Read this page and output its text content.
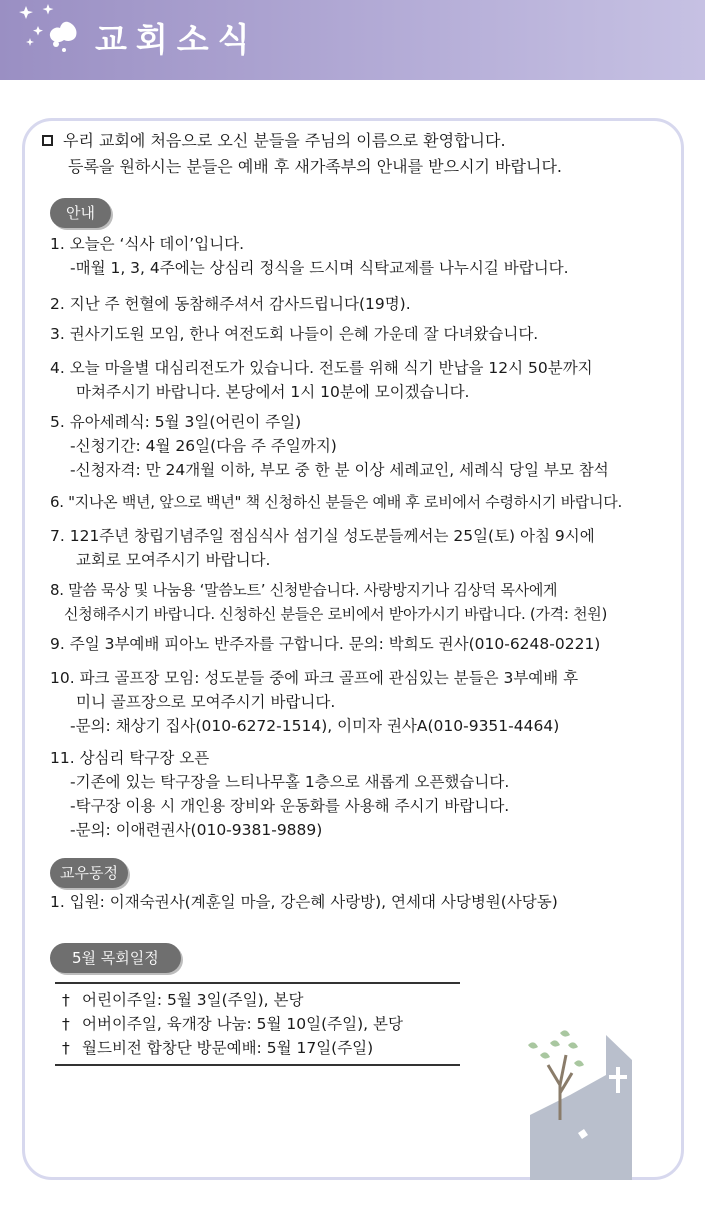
교회소식
우리 교회에 처음으로 오신 분들을 주님의 이름으로 환영합니다.
등록을 원하시는 분들은 예배 후 새가족부의 안내를 받으시기 바랍니다.
안내
1. 오늘은 ‘식사 데이’입니다.
-매월 1, 3, 4주에는 상심리 정식을 드시며 식탁교제를 나누시길 바랍니다.
2. 지난 주 헌혈에 동참해주셔서 감사드립니다(19명).
3. 권사기도원 모임, 한나 여전도회 나들이 은혜 가운데 잘 다녀왔습니다.
4. 오늘 마을별 대심리전도가 있습니다. 전도를 위해 식기 반납을 12시 50분까지
마쳐주시기 바랍니다. 본당에서 1시 10분에 모이겠습니다.
5. 유아세례식: 5월 3일(어린이 주일)
-신청기간: 4월 26일(다음 주 주일까지)
-신청자격: 만 24개월 이하, 부모 중 한 분 이상 세례교인, 세례식 당일 부모 참석
6. "지나온 백년, 앞으로 백년" 책 신청하신 분들은 예배 후 로비에서 수령하시기 바랍니다.
7. 121주년 창립기념주일 점심식사 섬기실 성도분들께서는 25일(토) 아침 9시에
교회로 모여주시기 바랍니다.
8. 말씀 묵상 및 나눔용 ‘말씀노트’ 신청받습니다. 사랑방지기나 김상덕 목사에게
신청해주시기 바랍니다. 신청하신 분들은 로비에서 받아가시기 바랍니다. (가격: 천원)
9. 주일 3부예배 피아노 반주자를 구합니다. 문의: 박희도 권사(010-6248-0221)
10. 파크 골프장 모임: 성도분들 중에 파크 골프에 관심있는 분들은 3부예배 후
미니 골프장으로 모여주시기 바랍니다.
-문의: 채상기 집사(010-6272-1514), 이미자 권사A(010-9351-4464)
11. 상심리 탁구장 오픈
-기존에 있는 탁구장을 느티나무홀 1층으로 새롭게 오픈했습니다.
-탁구장 이용 시 개인용 장비와 운동화를 사용해 주시기 바랍니다.
-문의: 이애련권사(010-9381-9889)
교우동정
1. 입원: 이재숙권사(계훈일 마을, 강은혜 사랑방), 연세대 사당병원(사당동)
5월 목회일정
† 어린이주일: 5월 3일(주일), 본당
† 어버이주일, 육개장 나눔: 5월 10일(주일), 본당
† 월드비전 합창단 방문예배: 5월 17일(주일)
